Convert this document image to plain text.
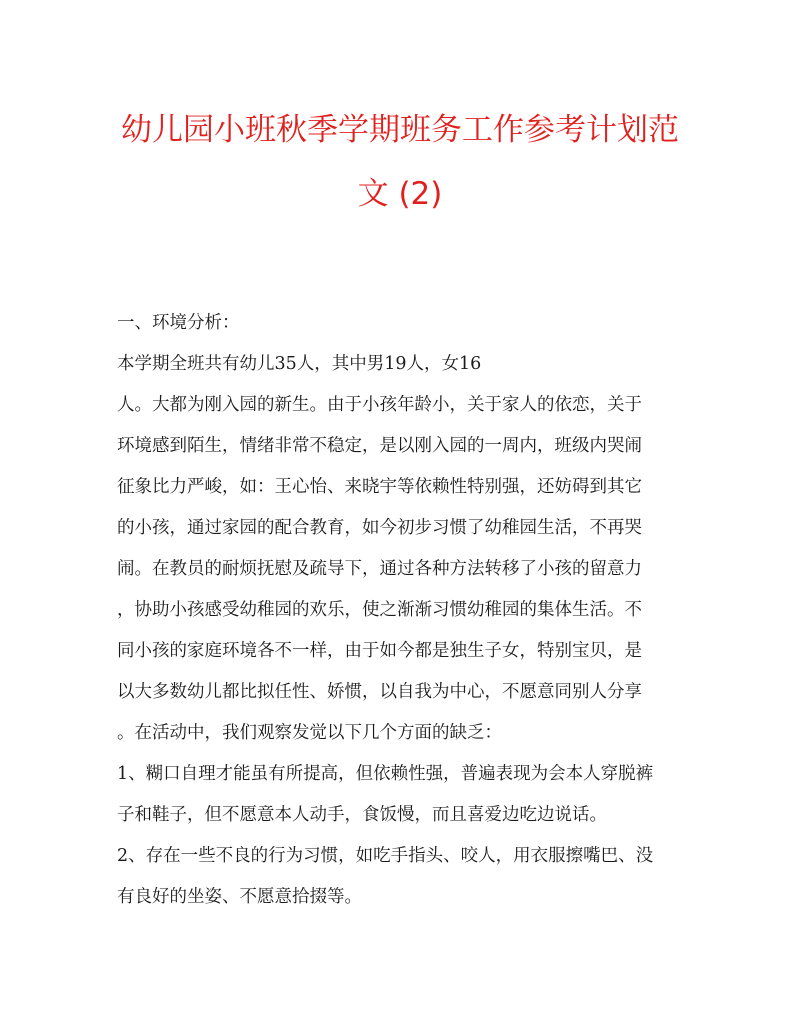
幼儿园小班秋季学期班务工作参考计划范
文 (2)

一、环境分析：

本学期全班共有幼儿35人，其中男19人，女16

人。大都为刚入园的新生。由于小孩年龄小，关于家人的依恋，关于

环境感到陌生，情绪非常不稳定，是以刚入园的一周内，班级内哭闹

征象比力严峻，如：王心怡、来晓宇等依赖性特别强，还妨碍到其它

的小孩，通过家园的配合教育，如今初步习惯了幼稚园生活，不再哭

闹。在教员的耐烦抚慰及疏导下，通过各种方法转移了小孩的留意力

，协助小孩感受幼稚园的欢乐，使之渐渐习惯幼稚园的集体生活。不

同小孩的家庭环境各不一样，由于如今都是独生子女，特别宝贝，是

以大多数幼儿都比拟任性、娇惯，以自我为中心，不愿意同别人分享

。在活动中，我们观察发觉以下几个方面的缺乏：

1、糊口自理才能虽有所提高，但依赖性强，普遍表现为会本人穿脱裤

子和鞋子，但不愿意本人动手，食饭慢，而且喜爱边吃边说话。

2、存在一些不良的行为习惯，如吃手指头、咬人，用衣服擦嘴巴、没

有良好的坐姿、不愿意拾掇等。
